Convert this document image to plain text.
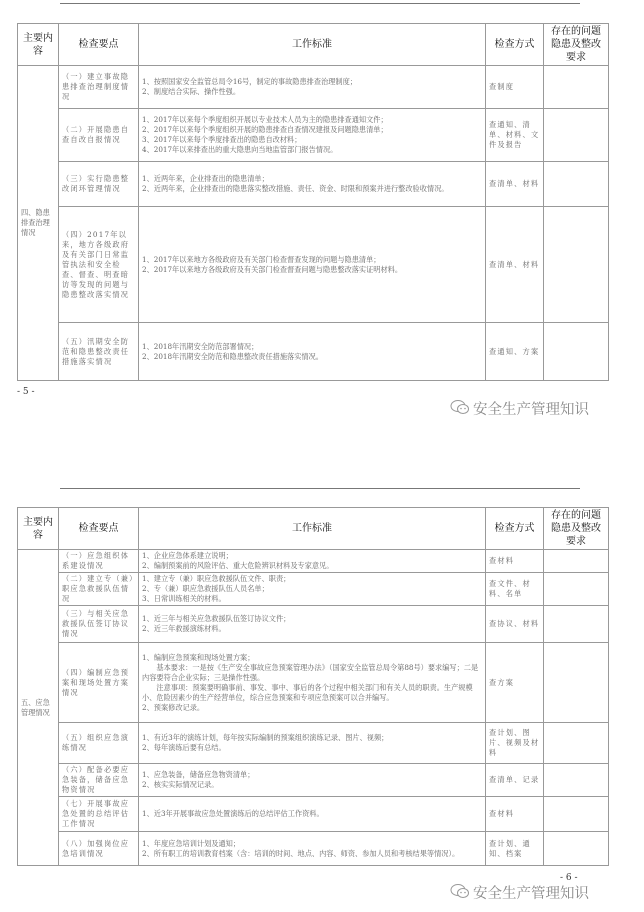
主要内容	检查要点	工作标准	检查方式	存在的问题隐患及整改要求
四、隐患排查治理情况	（一）建立事故隐患排查治理制度情况	1、按照国家安全监管总局令16号，制定的事故隐患排查治理制度；
2、制度结合实际、操作性强。	查制度	
	（二）开展隐患自查自改自报情况	1、2017年以来每个季度组织开展以专业技术人员为主的隐患排查通知文件；
2、2017年以来每个季度组织开展的隐患排查自查情况建报及问题隐患清单；
3、2017年以来每个季度排查出的隐患自改材料；
4、2017年以来排查出的重大隐患向当地监管部门报告情况。	查通知、清单、材料、文件及报告	
	（三）实行隐患整改闭环管理情况	1、近两年来，企业排查出的隐患清单；
2、近两年来，企业排查出的隐患落实整改措施、责任、资金、时限和预案并进行整改验收情况。	查清单、材料	
	（四）2017年以来，地方各级政府及有关部门日常监管执法和安全检查、督查、明查暗访等发现的问题与隐患整改落实情况	1、2017年以来地方各级政府及有关部门检查督查发现的问题与隐患清单；
2、2017年以来地方各级政府及有关部门检查督查问题与隐患整改落实证明材料。	查清单、材料	
	（五）汛期安全防范和隐患整改责任措施落实情况	1、2018年汛期安全防范部署情况；
2、2018年汛期安全防范和隐患整改责任措施落实情况。	查通知、方案	
- 5 -
安全生产管理知识
主要内容	检查要点	工作标准	检查方式	存在的问题隐患及整改要求
五、应急管理情况	（一）应急组织体系建设情况	1、企业应急体系建立说明；
2、编制预案前的风险评估、重大危险辨识材料及专家意见。	查材料	
	（二）建立专（兼）职应急救援队伍情况	1、建立专（兼）职应急救援队伍文件、职责；
2、专（兼）职应急救援队伍人员名单；
3、日常训练相关的材料。	查文件、材料、名单	
	（三）与相关应急救援队伍签订协议情况	1、近三年与相关应急救援队伍签订协议文件；
2、近三年救援演练材料。	查协议、材料	
	（四）编制应急预案和现场处置方案情况	1、编制应急预案和现场处置方案；
　　基本要求：一是按《生产安全事故应急预案管理办法》（国家安全监管总局令第88号）要求编写；二是内容要符合企业实际；三是操作性强。
　　注意事项：预案要明确事前、事发、事中、事后的各个过程中相关部门和有关人员的职责。生产规模小、危险因素少的生产经营单位，综合应急预案和专项应急预案可以合并编写。
2、预案修改记录。	查方案	
	（五）组织应急演练情况	1、有近3年的演练计划，每年按实际编制的预案组织演练记录、图片、视频；
2、每年演练后要有总结。	查计划、图片、视频及材料	
	（六）配备必要应急装备，储备应急物资情况	1、应急装备，储备应急物资清单；
2、核实实际情况记录。	查清单、记录	
	（七）开展事故应急处置的总结评估工作情况	1、近3年开展事故应急处置演练后的总结评估工作资料。	查材料	
	（八）加强岗位应急培训情况	1、年度应急培训计划及通知；
2、所有职工的培训教育档案（含：培训的时间、地点、内容、师资、参加人员和考核结果等情况）。	查计划、通知、档案	
- 6 -
安全生产管理知识
